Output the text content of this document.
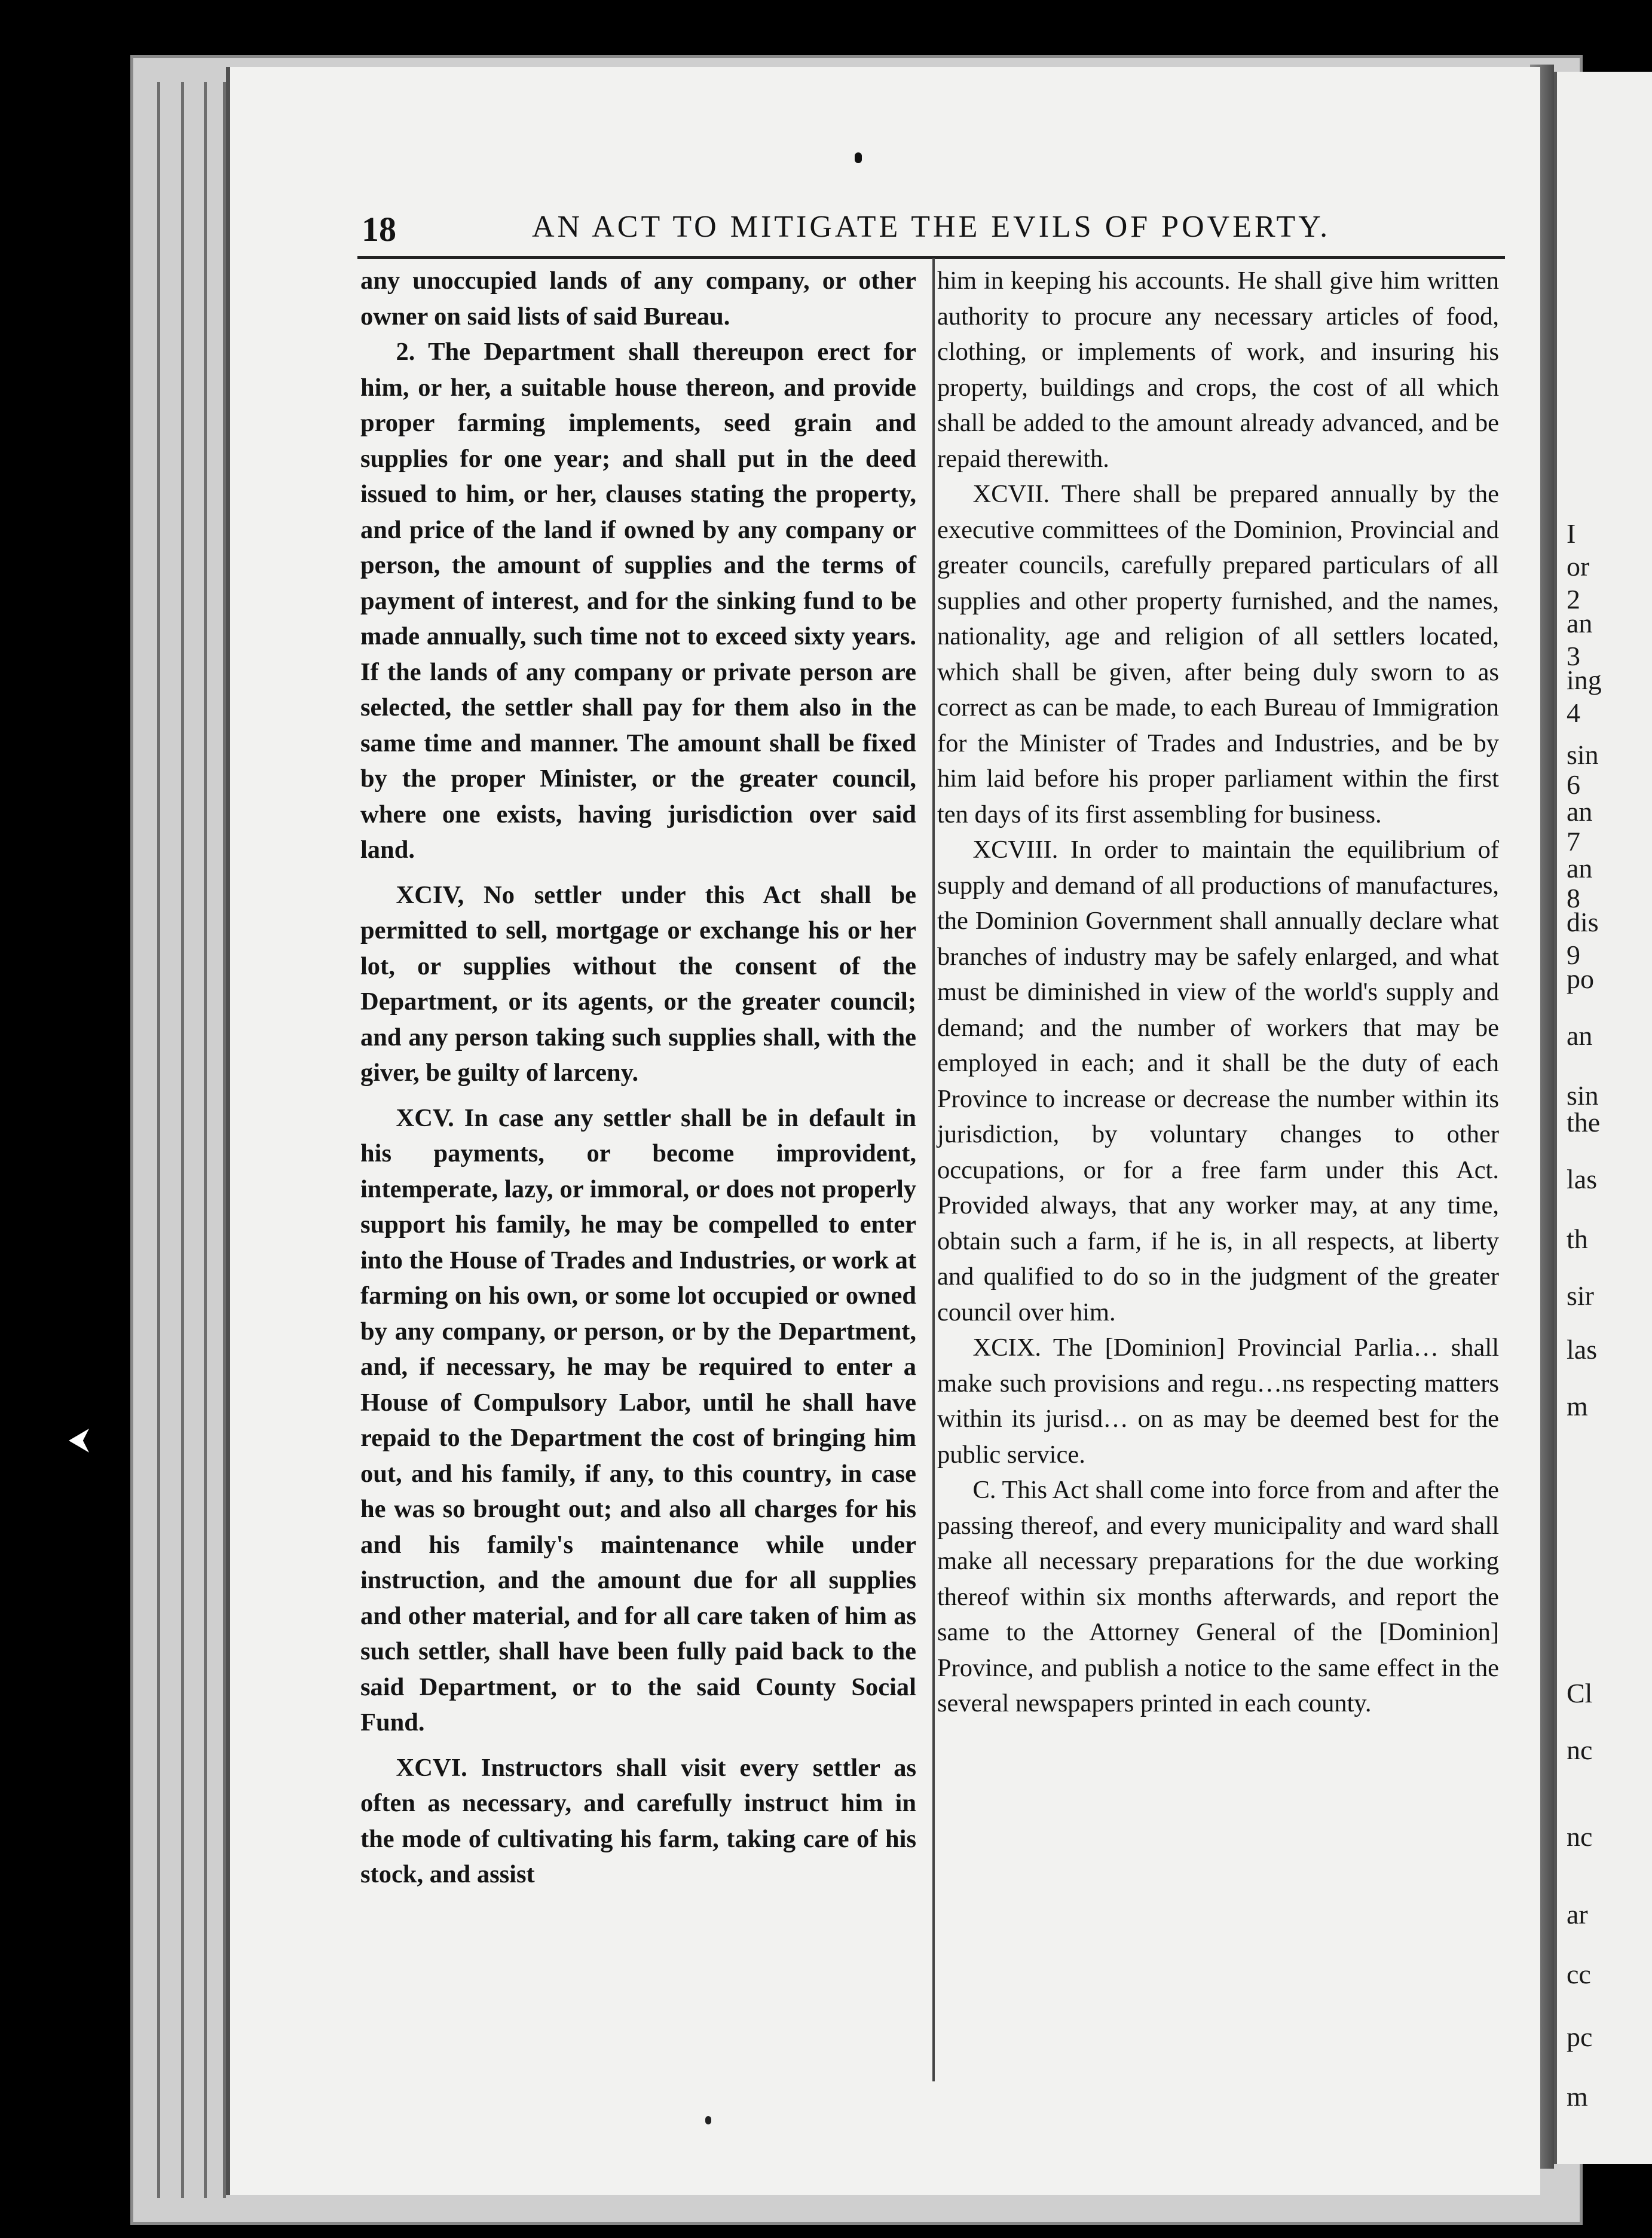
I
or
2
an
3
ing
4
sin
6
an
7
an
8
dis
9
po
an
sin
the
las
th
sir
las
m
Cl
nc
nc
ar
cc
pc
m
18	AN ACT TO MITIGATE THE EVILS OF POVERTY.

any unoccupied lands of any company, or other owner on said lists of said Bureau.

2. The Department shall thereupon erect for him, or her, a suitable house thereon, and provide proper farming implements, seed grain and supplies for one year; and shall put in the deed issued to him, or her, clauses stating the property, and price of the land if owned by any company or person, the amount of supplies and the terms of payment of interest, and for the sinking fund to be made annually, such time not to exceed sixty years. If the lands of any company or private person are selected, the settler shall pay for them also in the same time and manner. The amount shall be fixed by the proper Minister, or the greater council, where one exists, having jurisdiction over said land.

XCIV, No settler under this Act shall be permitted to sell, mortgage or exchange his or her lot, or supplies without the consent of the Department, or its agents, or the greater council; and any person taking such supplies shall, with the giver, be guilty of larceny.

XCV. In case any settler shall be in default in his payments, or become improvident, intemperate, lazy, or immoral, or does not properly support his family, he may be compelled to enter into the House of Trades and Industries, or work at farming on his own, or some lot occupied or owned by any company, or person, or by the Department, and, if necessary, he may be required to enter a House of Compulsory Labor, until he shall have repaid to the Department the cost of bringing him out, and his family, if any, to this country, in case he was so brought out; and also all charges for his and his family's maintenance while under instruction, and the amount due for all supplies and other material, and for all care taken of him as such settler, shall have been fully paid back to the said Department, or to the said County Social Fund.

XCVI. Instructors shall visit every settler as often as necessary, and carefully instruct him in the mode of cultivating his farm, taking care of his stock, and assist

him in keeping his accounts. He shall give him written authority to procure any necessary articles of food, clothing, or implements of work, and insuring his property, buildings and crops, the cost of all which shall be added to the amount already advanced, and be repaid therewith.

XCVII. There shall be prepared annually by the executive committees of the Dominion, Provincial and greater councils, carefully prepared particulars of all supplies and other property furnished, and the names, nationality, age and religion of all settlers located, which shall be given, after being duly sworn to as correct as can be made, to each Bureau of Immigration for the Minister of Trades and Industries, and be by him laid before his proper parliament within the first ten days of its first assembling for business.

XCVIII. In order to maintain the equilibrium of supply and demand of all productions of manufactures, the Dominion Government shall annually declare what branches of industry may be safely enlarged, and what must be diminished in view of the world's supply and demand; and the number of workers that may be employed in each; and it shall be the duty of each Province to increase or decrease the number within its jurisdiction, by voluntary changes to other occupations, or for a free farm under this Act. Provided always, that any worker may, at any time, obtain such a farm, if he is, in all respects, at liberty and qualified to do so in the judgment of the greater council over him.

XCIX. The [Dominion] Provincial Parlia… shall make such provisions and regu…ns respecting matters within its jurisd… on as may be deemed best for the public service.

C. This Act shall come into force from and after the passing thereof, and every municipality and ward shall make all necessary preparations for the due working thereof within six months afterwards, and report the same to the Attorney General of the [Dominion] Province, and publish a notice to the same effect in the several newspapers printed in each county.
